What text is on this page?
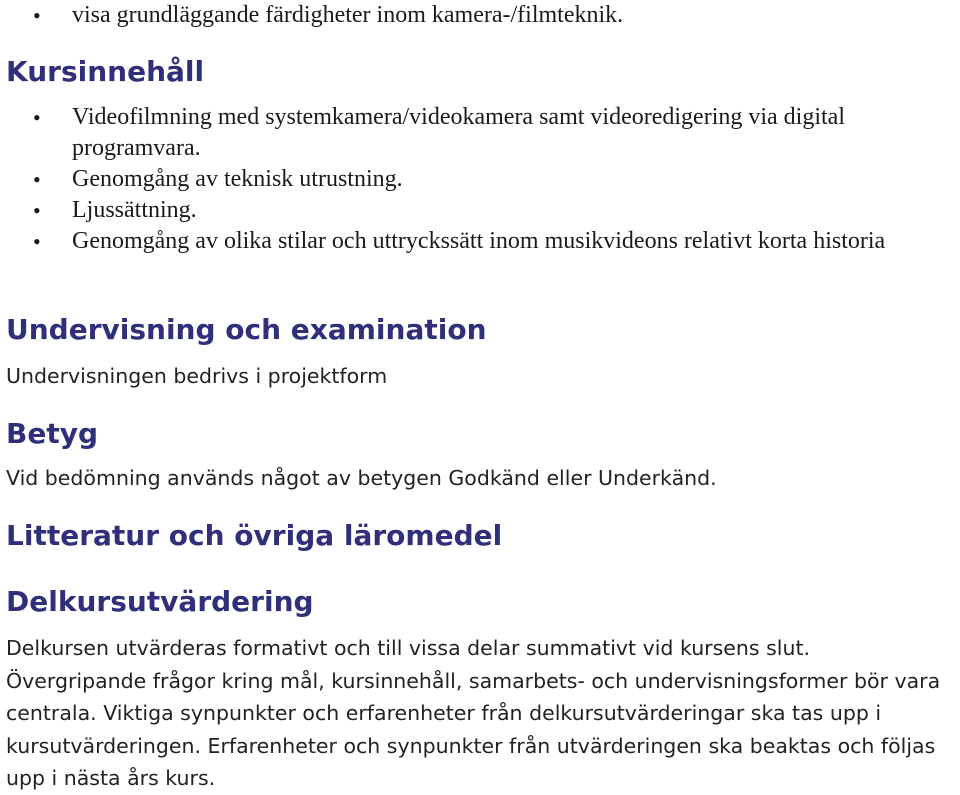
• visa grundläggande färdigheter inom kamera-/filmteknik.
Kursinnehåll
• Videofilmning med systemkamera/videokamera samt videoredigering via digital programvara.
• Genomgång av teknisk utrustning.
• Ljussättning.
• Genomgång av olika stilar och uttryckssätt inom musikvideons relativt korta historia
Undervisning och examination

Undervisningen bedrivs i projektform

Betyg

Vid bedömning används något av betygen Godkänd eller Underkänd.

Litteratur och övriga läromedel
Delkursutvärdering

Delkursen utvärderas formativt och till vissa delar summativt vid kursens slut. Övergripande frågor kring mål, kursinnehåll, samarbets- och undervisningsformer bör vara centrala. Viktiga synpunkter och erfarenheter från delkursutvärderingar ska tas upp i kursutvärderingen. Erfarenheter och synpunkter från utvärderingen ska beaktas och följas upp i nästa års kurs.
